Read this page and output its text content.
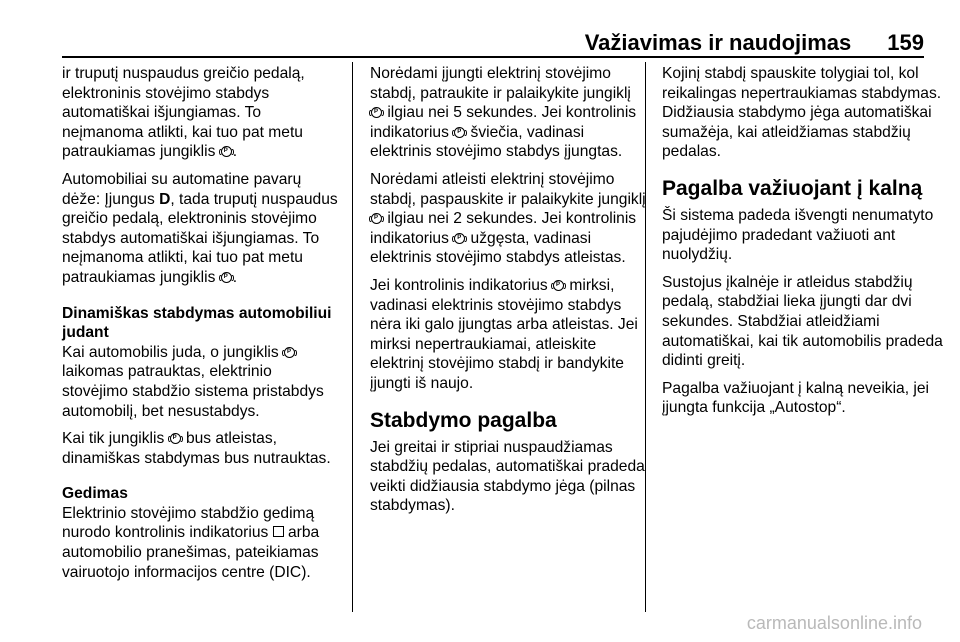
Važiavimas ir naudojimas 159

ir truputį nuspaudus greičio pedalą, elektroninis stovėjimo stabdys automatiškai išjungiamas. To neįmanoma atlikti, kai tuo pat metu patraukiamas jungiklis P .

Automobiliai su automatine pavarų dėže: Įjungus D, tada truputį nuspaudus greičio pedalą, elektroninis stovėjimo stabdys automatiškai išjungiamas. To neįmanoma atlikti, kai tuo pat metu patraukiamas jungiklis P .

Dinamiškas stabdymas automobiliui judant

Kai automobilis juda, o jungiklis P
laikomas patrauktas, elektrinio stovėjimo stabdžio sistema pristabdys automobilį, bet nesustabdys.

Kai tik jungiklis P bus atleistas, dinamiškas stabdymas bus nutrauktas.

Gedimas

Elektrinio stovėjimo stabdžio gedimą nurodo kontrolinis indikatorius  arba automobilio pranešimas, pateikiamas vairuotojo informacijos centre (DIC).

Norėdami įjungti elektrinį stovėjimo stabdį, patraukite ir palaikykite jungiklį
P ilgiau nei 5 sekundes. Jei kontrolinis indikatorius P šviečia, vadinasi elektrinis stovėjimo stabdys įjungtas.

Norėdami atleisti elektrinį stovėjimo stabdį, paspauskite ir palaikykite jungiklį
P ilgiau nei 2 sekundes. Jei kontrolinis indikatorius P užgęsta, vadinasi elektrinis stovėjimo stabdys atleistas.

Jei kontrolinis indikatorius P mirksi, vadinasi elektrinis stovėjimo stabdys nėra iki galo įjungtas arba atleistas. Jei mirksi nepertraukiamai, atleiskite elektrinį stovėjimo stabdį ir bandykite įjungti iš naujo.

Stabdymo pagalba

Jei greitai ir stipriai nuspaudžiamas stabdžių pedalas, automatiškai pradeda veikti didžiausia stabdymo jėga (pilnas stabdymas).

Kojinį stabdį spauskite tolygiai tol, kol reikalingas nepertraukiamas stabdymas. Didžiausia stabdymo jėga automatiškai sumažėja, kai atleidžiamas stabdžių pedalas.

Pagalba važiuojant į kalną

Ši sistema padeda išvengti nenumatyto pajudėjimo pradedant važiuoti ant nuolydžių.

Sustojus įkalnėje ir atleidus stabdžių pedalą, stabdžiai lieka įjungti dar dvi sekundes. Stabdžiai atleidžiami automatiškai, kai tik automobilis pradeda didinti greitį.

Pagalba važiuojant į kalną neveikia, jei įjungta funkcija „Autostop“.

carmanualsonline.info
